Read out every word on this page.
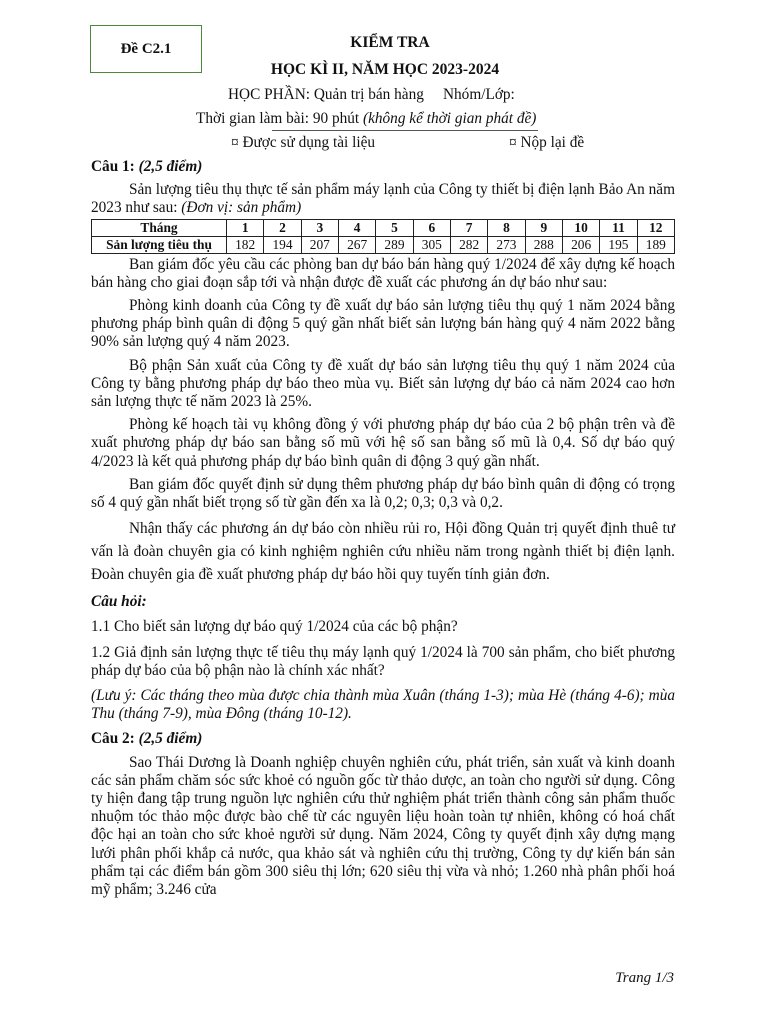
Đề C2.1	KIỂM TRA
HỌC KÌ II, NĂM HỌC 2023-2024
HỌC PHẦN: Quản trị bán hàng     Nhóm/Lớp:
Thời gian làm bài: 90 phút (không kể thời gian phát đề)
¤ Được sử dụng tài liệu	¤ Nộp lại đề

Câu 1: (2,5 điểm)

Sản lượng tiêu thụ thực tế sản phẩm máy lạnh của Công ty thiết bị điện lạnh Bảo An năm 2023 như sau: (Đơn vị: sản phẩm)

Tháng	1	2	3	4	5	6	7	8	9	10	11	12
Sản lượng tiêu thụ	182	194	207	267	289	305	282	273	288	206	195	189

Ban giám đốc yêu cầu các phòng ban dự báo bán hàng quý 1/2024 để xây dựng kế hoạch bán hàng cho giai đoạn sắp tới và nhận được đề xuất các phương án dự báo như sau:

Phòng kinh doanh của Công ty đề xuất dự báo sản lượng tiêu thụ quý 1 năm 2024 bằng phương pháp bình quân di động 5 quý gần nhất biết sản lượng bán hàng quý 4 năm 2022 bằng 90% sản lượng quý 4 năm 2023.

Bộ phận Sản xuất của Công ty đề xuất dự báo sản lượng tiêu thụ quý 1 năm 2024 của Công ty bằng phương pháp dự báo theo mùa vụ. Biết sản lượng dự báo cả năm 2024 cao hơn sản lượng thực tế năm 2023 là 25%.

Phòng kế hoạch tài vụ không đồng ý với phương pháp dự báo của 2 bộ phận trên và đề xuất phương pháp dự báo san bằng số mũ với hệ số san bằng số mũ là 0,4. Số dự báo quý 4/2023 là kết quả phương pháp dự báo bình quân di động 3 quý gần nhất.

Ban giám đốc quyết định sử dụng thêm phương pháp dự báo bình quân di động có trọng số 4 quý gần nhất biết trọng số từ gần đến xa là 0,2; 0,3; 0,3 và 0,2.

Nhận thấy các phương án dự báo còn nhiều rủi ro, Hội đồng Quản trị quyết định thuê tư vấn là đoàn chuyên gia có kinh nghiệm nghiên cứu nhiều năm trong ngành thiết bị điện lạnh. Đoàn chuyên gia đề xuất phương pháp dự báo hồi quy tuyến tính giản đơn.

Câu hỏi:

1.1 Cho biết sản lượng dự báo quý 1/2024 của các bộ phận?

1.2 Giả định sản lượng thực tế tiêu thụ máy lạnh quý 1/2024 là 700 sản phẩm, cho biết phương pháp dự báo của bộ phận nào là chính xác nhất?

(Lưu ý: Các tháng theo mùa được chia thành mùa Xuân (tháng 1-3); mùa Hè (tháng 4-6); mùa Thu (tháng 7-9), mùa Đông (tháng 10-12).

Câu 2: (2,5 điểm)

Sao Thái Dương là Doanh nghiệp chuyên nghiên cứu, phát triển, sản xuất và kinh doanh các sản phẩm chăm sóc sức khoẻ có nguồn gốc từ thảo dược, an toàn cho người sử dụng. Công ty hiện đang tập trung nguồn lực nghiên cứu thử nghiệm phát triển thành công sản phẩm thuốc nhuộm tóc thảo mộc được bào chế từ các nguyên liệu hoàn toàn tự nhiên, không có hoá chất độc hại an toàn cho sức khoẻ người sử dụng. Năm 2024, Công ty quyết định xây dựng mạng lưới phân phối khắp cả nước, qua khảo sát và nghiên cứu thị trường, Công ty dự kiến bán sản phẩm tại các điểm bán gồm 300 siêu thị lớn; 620 siêu thị vừa và nhỏ; 1.260 nhà phân phối hoá mỹ phẩm; 3.246 cửa

Trang 1/3
